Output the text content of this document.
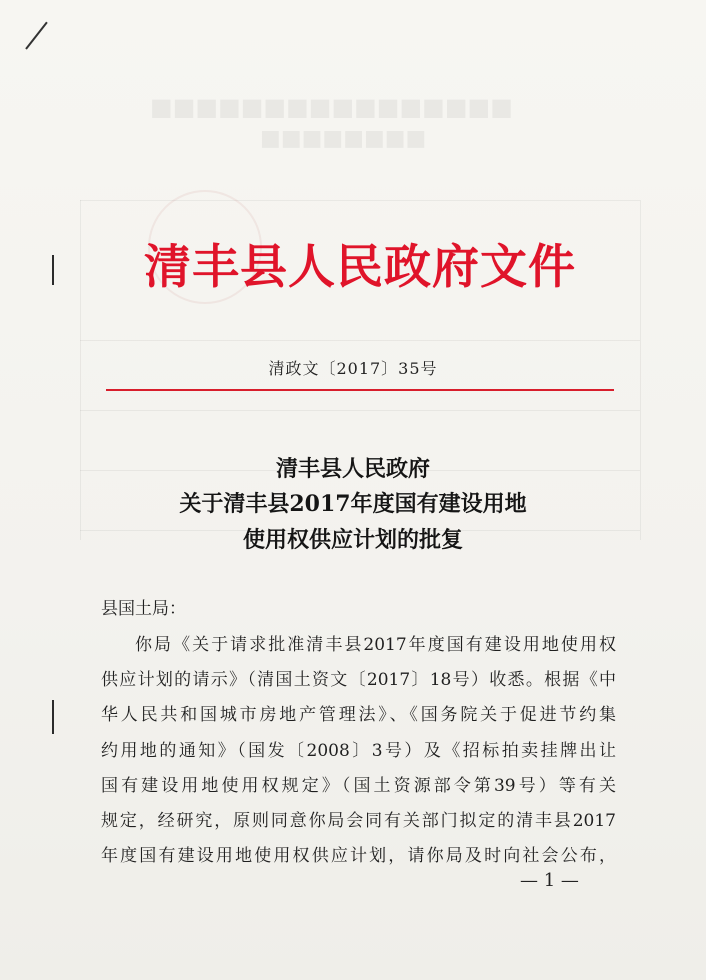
■■■■■■■■■■■■■■■■
■■■■■■■■
清丰县人民政府文件
清政文〔2017〕35号
清丰县人民政府
关于清丰县2017年度国有建设用地
使用权供应计划的批复
县国土局：
你局《关于请求批准清丰县2017年度国有建设用地使用权
供应计划的请示》（清国土资文〔2017〕18号）收悉。根据《中
华人民共和国城市房地产管理法》、《国务院关于促进节约集
约用地的通知》（国发〔2008〕3号）及《招标拍卖挂牌出让
国有建设用地使用权规定》（国土资源部令第39号）等有关
规定，经研究，原则同意你局会同有关部门拟定的清丰县2017
年度国有建设用地使用权供应计划，请你局及时向社会公布，
— 1 —
